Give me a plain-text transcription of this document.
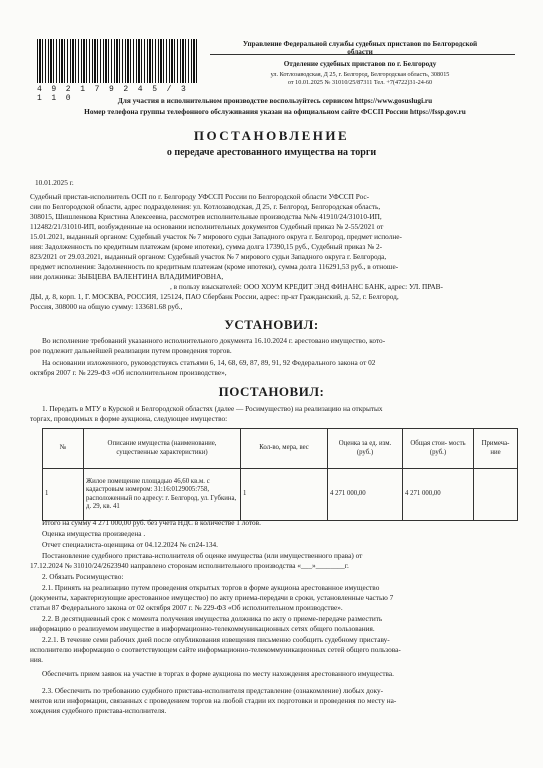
4 9 2 1 7 9 2 4 5 / 3 1 1 0
Управление Федеральной службы судебных приставов по Белгородской
области
Отделение судебных приставов по г. Белгороду
ул. Котлозаводская, Д 25, г. Белгород, Белгородская область, 308015
от 10.01.2025 № 31010/25/87311 Тел. +7(4722)31-24-60
Для участия в исполнительном производстве воспользуйтесь сервисом https://www.gosuslugi.ru
Номер телефона группы телефонного обслуживания указан на официальном сайте ФССП России https://fssp.gov.ru
ПОСТАНОВЛЕНИЕ
о передаче арестованного имущества на торги
10.01.2025 г.
Судебный пристав-исполнитель ОСП по г. Белгороду УФССП России по Белгородской области УФССП Рос-
сии по Белгородской области, адрес подразделения: ул. Котлозаводская, Д 25, г. Белгород, Белгородская область,
308015, Шишленкова Кристина Алексеевна, рассмотрев исполнительные производства №№ 41910/24/31010-ИП,
112482/21/31010-ИП, возбужденные на основании исполнительных документов Судебный приказ № 2-55/2021 от
15.01.2021, выданный органом: Судебный участок № 7 мирового судьи Западного округа г. Белгород, предмет исполне-
ния: Задолженность по кредитным платежам (кроме ипотеки), сумма долга 17390,15 руб., Судебный приказ № 2-
823/2021 от 29.03.2021, выданный органом: Судебный участок № 7 мирового судьи Западного округа г. Белгорода,
предмет исполнения: Задолженность по кредитным платежам (кроме ипотеки), сумма долга 116291,53 руб., в отноше-
нии должника: ЗЫБЦЕВА ВАЛЕНТИНА ВЛАДИМИРОВНА,
, в пользу взыскателей: ООО ХОУМ КРЕДИТ ЭНД ФИНАНС БАНК, адрес: УЛ. ПРАВ-
ДЫ, д. 8, корп. 1, Г. МОСКВА, РОССИЯ, 125124, ПАО Сбербанк России, адрес: пр-кт Гражданский, д. 52, г. Белгород,
Россия, 308000 на общую сумму: 133681.68 руб.,
УСТАНОВИЛ:
Во исполнение требований указанного исполнительного документа 16.10.2024 г. арестовано имущество, кото-
рое подлежит дальнейшей реализации путем проведения торгов.
На основании изложенного, руководствуясь статьями 6, 14, 68, 69, 87, 89, 91, 92 Федерального закона от 02
октября 2007 г. № 229-ФЗ «Об исполнительном производстве»,
ПОСТАНОВИЛ:
1. Передать в МТУ в Курской и Белгородской областях (далее — Росимущество) на реализацию на открытых
торгах, проводимых в форме аукциона, следующее имущество:
№	Описание имущества (наименование, существенные характеристики)	Кол-во, мера, вес	Оценка за ед. изм. (руб.)	Общая стои- мость (руб.)	Примеча- ние
1	Жилое помещение площадью 46,60 кв.м. с кадастровым номером: 31:16:0129005:758, расположенный по адресу: г. Белгород, ул. Губкина, д. 29, кв. 41	1	4 271 000,00	4 271 000,00	
Итого на сумму 4 271 000,00 руб. без учета НДС в количестве 1 лотов.
Оценка имущества произведена .
Отчет специалиста-оценщика от 04.12.2024 № сп24-134.
Постановление судебного пристава-исполнителя об оценке имущества (или имущественного права) от
17.12.2024 № 31010/24/2623940 направлено сторонам исполнительного производства «___»________г.
2. Обязать Росимущество:
2.1. Принять на реализацию путем проведения открытых торгов в форме аукциона арестованное имущество
(документы, характеризующие арестованное имущество) по акту приема-передачи в сроки, установленные частью 7
статьи 87 Федерального закона от 02 октября 2007 г. № 229-ФЗ «Об исполнительном производстве».
2.2. В десятидневный срок с момента получения имущества должника по акту о приеме-передаче разместить
информацию о реализуемом имуществе в информационно-телекоммуникационных сетях общего пользования.
2.2.1. В течение семи рабочих дней после опубликования извещения письменно сообщить судебному приставу-
исполнителю информацию о соответствующем сайте информационно-телекоммуникационных сетей общего пользова-
ния.
Обеспечить прием заявок на участие в торгах в форме аукциона по месту нахождения арестованного имущества.
2.3. Обеспечить по требованию судебного пристава-исполнителя представление (ознакомление) любых доку-
ментов или информации, связанных с проведением торгов на любой стадии их подготовки и проведения по месту на-
хождения судебного пристава-исполнителя.
